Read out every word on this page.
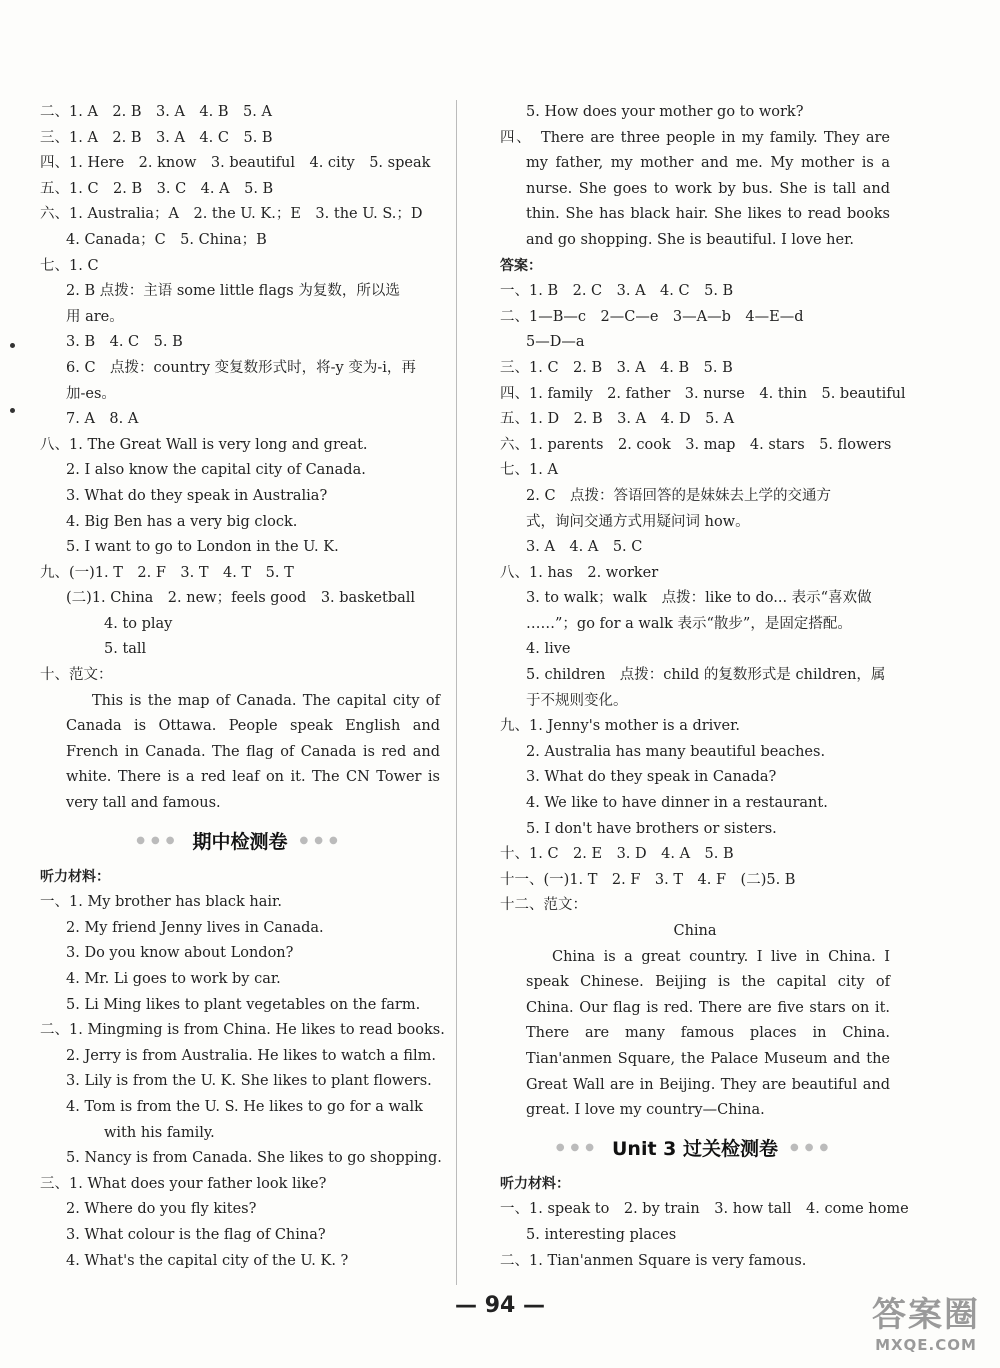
二、1. A　2. B　3. A　4. B　5. A
三、1. A　2. B　3. A　4. C　5. B
四、1. Here　2. know　3. beautiful　4. city　5. speak
五、1. C　2. B　3. C　4. A　5. B
六、1. Australia；A　2. the U. K.；E　3. the U. S.；D
4. Canada；C　5. China；B
七、1. C
2. B 点拨：主语 some little flags 为复数，所以选
用 are。
3. B　4. C　5. B
6. C　点拨：country 变复数形式时，将-y 变为-i，再
加-es。
7. A　8. A
八、1. The Great Wall is very long and great.
2. I also know the capital city of Canada.
3. What do they speak in Australia?
4. Big Ben has a very big clock.
5. I want to go to London in the U. K.
九、(一)1. T　2. F　3. T　4. T　5. T
(二)1. China　2. new；feels good　3. basketball
4. to play
5. tall
十、范文：
This is the map of Canada. The capital city of Canada is Ottawa. People speak English and French in Canada. The flag of Canada is red and white. There is a red leaf on it. The CN Tower is very tall and famous.
●●● 期中检测卷 ●●●
听力材料：
一、1. My brother has black hair.
2. My friend Jenny lives in Canada.
3. Do you know about London?
4. Mr. Li goes to work by car.
5. Li Ming likes to plant vegetables on the farm.
二、1. Mingming is from China. He likes to read books.
2. Jerry is from Australia. He likes to watch a film.
3. Lily is from the U. K. She likes to plant flowers.
4. Tom is from the U. S. He likes to go for a walk
with his family.
5. Nancy is from Canada. She likes to go shopping.
三、1. What does your father look like?
2. Where do you fly kites?
3. What colour is the flag of China?
4. What's the capital city of the U. K. ?
5. How does your mother go to work?
四、　There are three people in my family. They are my father, my mother and me. My mother is a nurse. She goes to work by bus. She is tall and thin. She has black hair. She likes to read books and go shopping. She is beautiful. I love her.
答案：
一、1. B　2. C　3. A　4. C　5. B
二、1—B—c　2—C—e　3—A—b　4—E—d
5—D—a
三、1. C　2. B　3. A　4. B　5. B
四、1. family　2. father　3. nurse　4. thin　5. beautiful
五、1. D　2. B　3. A　4. D　5. A
六、1. parents　2. cook　3. map　4. stars　5. flowers
七、1. A
2. C　点拨：答语回答的是妹妹去上学的交通方
式，询问交通方式用疑问词 how。
3. A　4. A　5. C
八、1. has　2. worker
3. to walk；walk　点拨：like to do... 表示“喜欢做
……”；go for a walk 表示“散步”，是固定搭配。
4. live
5. children　点拨：child 的复数形式是 children，属
于不规则变化。
九、1. Jenny's mother is a driver.
2. Australia has many beautiful beaches.
3. What do they speak in Canada?
4. We like to have dinner in a restaurant.
5. I don't have brothers or sisters.
十、1. C　2. E　3. D　4. A　5. B
十一、(一)1. T　2. F　3. T　4. F　(二)5. B
十二、范文：
China
China is a great country. I live in China. I speak Chinese. Beijing is the capital city of China. Our flag is red. There are five stars on it. There are many famous places in China. Tian'anmen Square, the Palace Museum and the Great Wall are in Beijing. They are beautiful and great. I love my country—China.
●●● Unit 3 过关检测卷 ●●●
听力材料：
一、1. speak to　2. by train　3. how tall　4. come home
5. interesting places
二、1. Tian'anmen Square is very famous.
— 94 —	答案圈
MXQE.COM
